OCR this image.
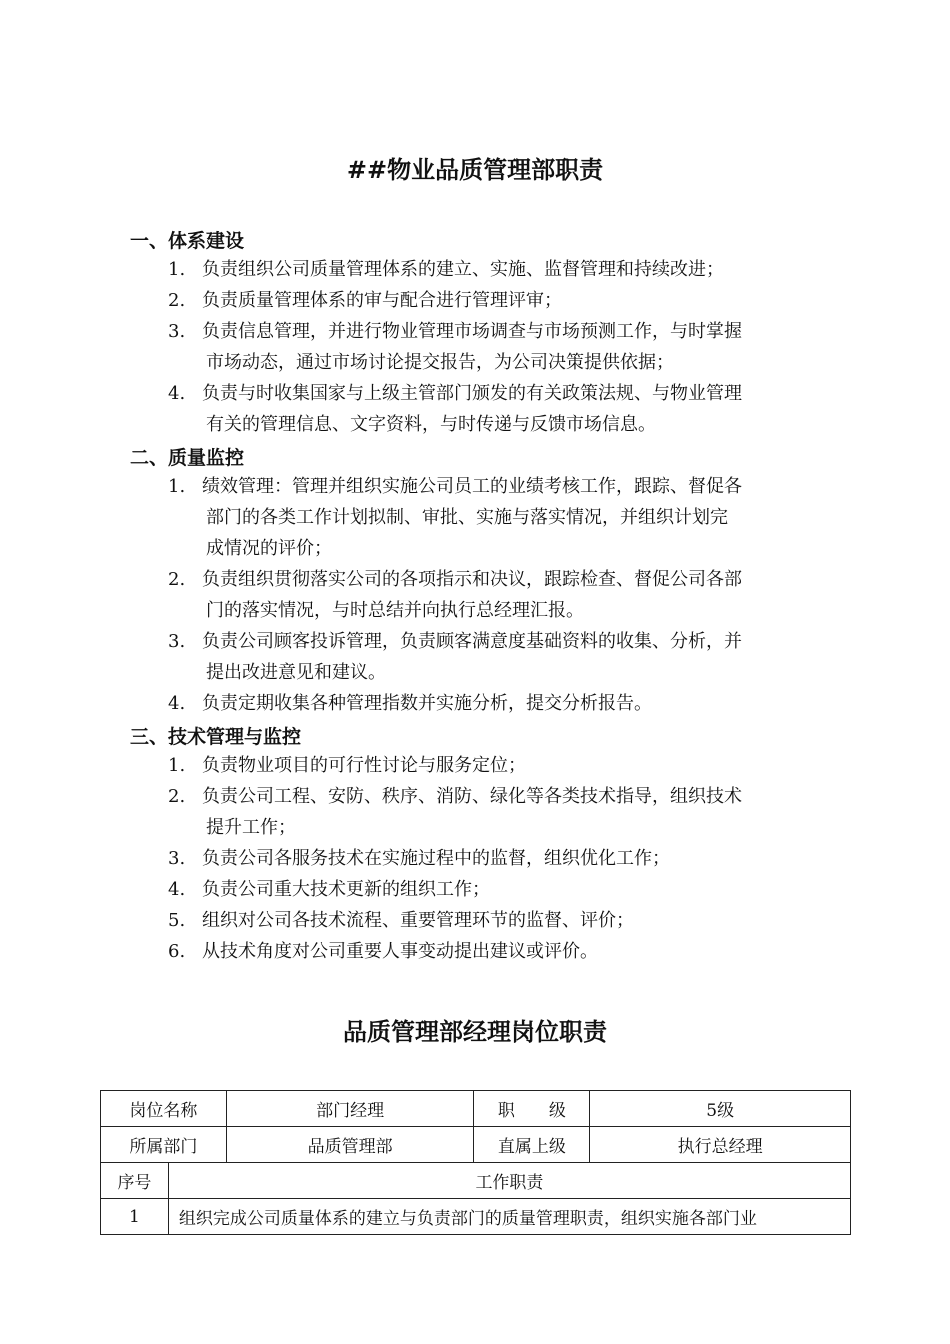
##物业品质管理部职责
一、体系建设
1. 负责组织公司质量管理体系的建立、实施、监督管理和持续改进；
2. 负责质量管理体系的审与配合进行管理评审；
3. 负责信息管理，并进行物业管理市场调查与市场预测工作，与时掌握
市场动态，通过市场讨论提交报告，为公司决策提供依据；
4. 负责与时收集国家与上级主管部门颁发的有关政策法规、与物业管理
有关的管理信息、文字资料，与时传递与反馈市场信息。
二、质量监控
1. 绩效管理：管理并组织实施公司员工的业绩考核工作，跟踪、督促各
部门的各类工作计划拟制、审批、实施与落实情况，并组织计划完
成情况的评价；
2. 负责组织贯彻落实公司的各项指示和决议，跟踪检查、督促公司各部
门的落实情况，与时总结并向执行总经理汇报。
3. 负责公司顾客投诉管理，负责顾客满意度基础资料的收集、分析，并
提出改进意见和建议。
4. 负责定期收集各种管理指数并实施分析，提交分析报告。
三、技术管理与监控
1. 负责物业项目的可行性讨论与服务定位；
2. 负责公司工程、安防、秩序、消防、绿化等各类技术指导，组织技术
提升工作；
3. 负责公司各服务技术在实施过程中的监督，组织优化工作；
4. 负责公司重大技术更新的组织工作；
5. 组织对公司各技术流程、重要管理环节的监督、评价；
6. 从技术角度对公司重要人事变动提出建议或评价。
品质管理部经理岗位职责
岗位名称		部门经理	职　　级	5级
所属部门		品质管理部	直属上级	执行总经理
序号	工作职责			
1	组织完成公司质量体系的建立与负责部门的质量管理职责，组织实施各部门业			
